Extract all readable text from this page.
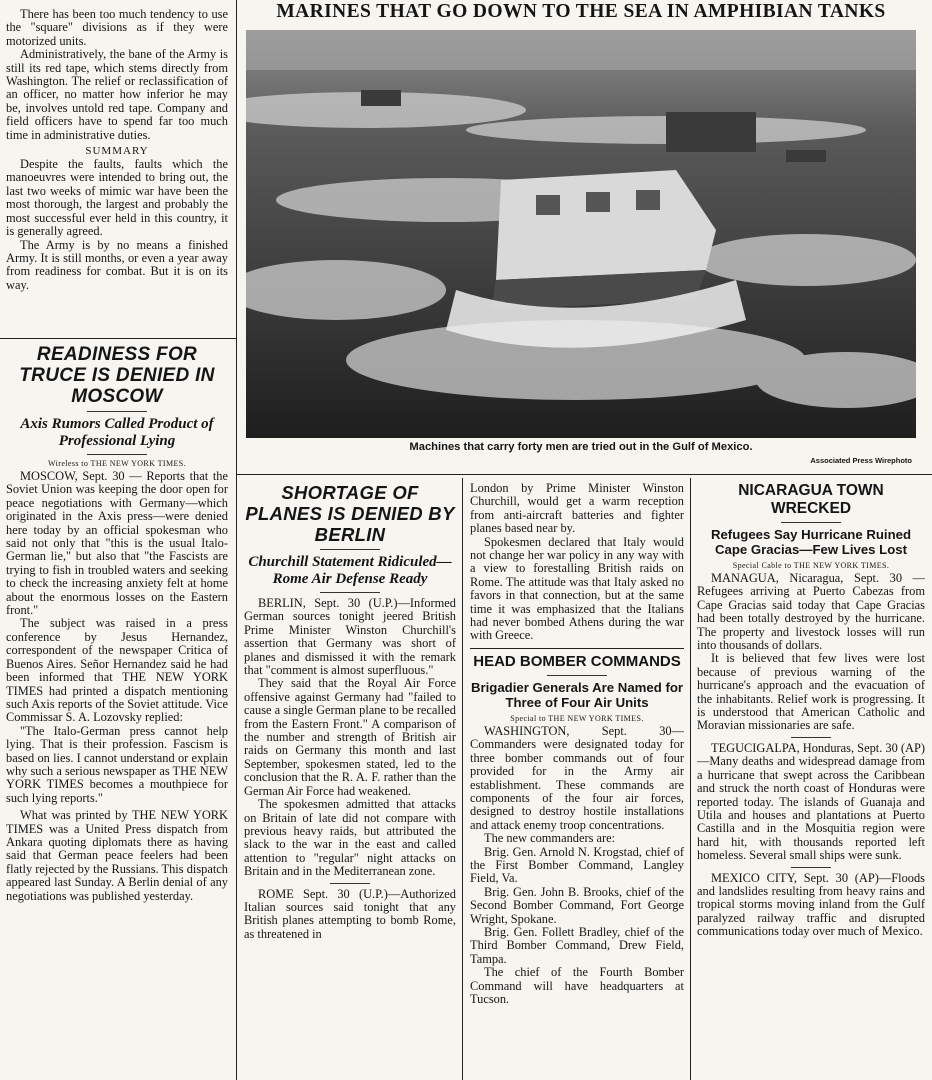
There has been too much tendency to use the "square" divisions as if they were motorized units.

Administratively, the bane of the Army is still its red tape, which stems directly from Washington. The relief or reclassification of an officer, no matter how inferior he may be, involves untold red tape. Company and field officers have to spend far too much time in administrative duties.

SUMMARY

Despite the faults, faults which the manoeuvres were intended to bring out, the last two weeks of mimic war have been the most thorough, the largest and probably the most successful ever held in this country, it is generally agreed.

The Army is by no means a finished Army. It is still months, or even a year away from readiness for combat. But it is on its way.

READINESS FOR TRUCE IS DENIED IN MOSCOW
Axis Rumors Called Product of Professional Lying
Wireless to THE NEW YORK TIMES.

MOSCOW, Sept. 30 — Reports that the Soviet Union was keeping the door open for peace negotiations with Germany—which originated in the Axis press—were denied here today by an official spokesman who said not only that "this is the usual Italo-German lie," but also that "the Fascists are trying to fish in troubled waters and seeking to check the increasing anxiety felt at home about the enormous losses on the Eastern front."

The subject was raised in a press conference by Jesus Hernandez, correspondent of the newspaper Critica of Buenos Aires. Señor Hernandez said he had been informed that THE NEW YORK TIMES had printed a dispatch mentioning such Axis reports of the Soviet attitude. Vice Commissar S. A. Lozovsky replied:

"The Italo-German press cannot help lying. That is their profession. Fascism is based on lies. I cannot understand or explain why such a serious newspaper as THE NEW YORK TIMES becomes a mouthpiece for such lying reports."

What was printed by THE NEW YORK TIMES was a United Press dispatch from Ankara quoting diplomats there as having said that German peace feelers had been flatly rejected by the Russians. This dispatch appeared last Sunday. A Berlin denial of any negotiations was published yesterday.

MARINES THAT GO DOWN TO THE SEA IN AMPHIBIAN TANKS
Machines that carry forty men are tried out in the Gulf of Mexico.
Associated Press Wirephoto
SHORTAGE OF PLANES IS DENIED BY BERLIN
Churchill Statement Ridiculed— Rome Air Defense Ready

BERLIN, Sept. 30 (U.P.)—Informed German sources tonight jeered British Prime Minister Winston Churchill's assertion that Germany was short of planes and dismissed it with the remark that "comment is almost superfluous."

They said that the Royal Air Force offensive against Germany had "failed to cause a single German plane to be recalled from the Eastern Front." A comparison of the number and strength of British air raids on Germany this month and last September, spokesmen stated, led to the conclusion that the R. A. F. rather than the German Air Force had weakened.

The spokesmen admitted that attacks on Britain of late did not compare with previous heavy raids, but attributed the slack to the war in the east and called attention to "regular" night attacks on Britain and in the Mediterranean zone.

ROME Sept. 30 (U.P.)—Authorized Italian sources said tonight that any British planes attempting to bomb Rome, as threatened in

London by Prime Minister Winston Churchill, would get a warm reception from anti-aircraft batteries and fighter planes based near by.

Spokesmen declared that Italy would not change her war policy in any way with a view to forestalling British raids on Rome. The attitude was that Italy asked no favors in that connection, but at the same time it was emphasized that the Italians had never bombed Athens during the war with Greece.

HEAD BOMBER COMMANDS
Brigadier Generals Are Named for Three of Four Air Units
Special to THE NEW YORK TIMES.

WASHINGTON, Sept. 30—Commanders were designated today for three bomber commands out of four provided for in the Army air establishment. These commands are components of the four air forces, designed to destroy hostile installations and attack enemy troop concentrations.

The new commanders are:

Brig. Gen. Arnold N. Krogstad, chief of the First Bomber Command, Langley Field, Va.

Brig. Gen. John B. Brooks, chief of the Second Bomber Command, Fort George Wright, Spokane.

Brig. Gen. Follett Bradley, chief of the Third Bomber Command, Drew Field, Tampa.

The chief of the Fourth Bomber Command will have headquarters at Tucson.

NICARAGUA TOWN WRECKED
Refugees Say Hurricane Ruined Cape Gracias—Few Lives Lost
Special Cable to THE NEW YORK TIMES.

MANAGUA, Nicaragua, Sept. 30 —Refugees arriving at Puerto Cabezas from Cape Gracias said today that Cape Gracias had been totally destroyed by the hurricane. The property and livestock losses will run into thousands of dollars.

It is believed that few lives were lost because of previous warning of the hurricane's approach and the evacuation of the inhabitants. Relief work is progressing. It is understood that American Catholic and Moravian missionaries are safe.

TEGUCIGALPA, Honduras, Sept. 30 (AP)—Many deaths and widespread damage from a hurricane that swept across the Caribbean and struck the north coast of Honduras were reported today. The islands of Guanaja and Utila and houses and plantations at Puerto Castilla and in the Mosquitia region were hard hit, with thousands reported left homeless. Several small ships were sunk.

MEXICO CITY, Sept. 30 (AP)—Floods and landslides resulting from heavy rains and tropical storms moving inland from the Gulf paralyzed railway traffic and disrupted communications today over much of Mexico.
